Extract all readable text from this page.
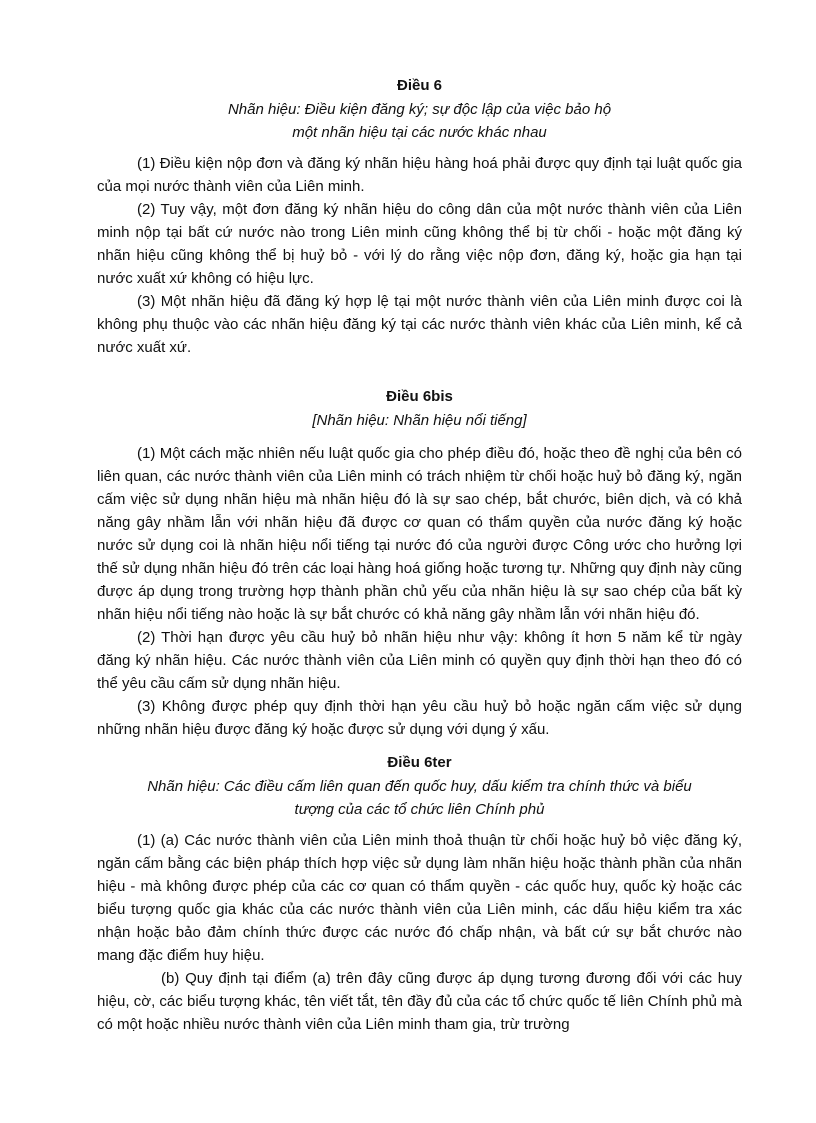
Điều 6

Nhãn hiệu: Điều kiện đăng ký; sự độc lập của việc bảo hộ

một nhãn hiệu tại các nước khác nhau

(1) Điều kiện nộp đơn và đăng ký nhãn hiệu hàng hoá phải được quy định tại luật quốc gia của mọi nước thành viên của Liên minh.

(2) Tuy vậy, một đơn đăng ký nhãn hiệu do công dân của một nước thành viên của Liên minh nộp tại bất cứ nước nào trong Liên minh cũng không thể bị từ chối - hoặc một đăng ký nhãn hiệu cũng không thể bị huỷ bỏ - với lý do rằng việc nộp đơn, đăng ký, hoặc gia hạn tại nước xuất xứ không có hiệu lực.

(3) Một nhãn hiệu đã đăng ký hợp lệ tại một nước thành viên của Liên minh được coi là không phụ thuộc vào các nhãn hiệu đăng ký tại các nước thành viên khác của Liên minh, kể cả nước xuất xứ.

Điều 6bis

[Nhãn hiệu: Nhãn hiệu nổi tiếng]

(1) Một cách mặc nhiên nếu luật quốc gia cho phép điều đó, hoặc theo đề nghị của bên có liên quan, các nước thành viên của Liên minh có trách nhiệm từ chối hoặc huỷ bỏ đăng ký, ngăn cấm việc sử dụng nhãn hiệu mà nhãn hiệu đó là sự sao chép, bắt chước, biên dịch, và có khả năng gây nhầm lẫn với nhãn hiệu đã được cơ quan có thẩm quyền của nước đăng ký hoặc nước sử dụng coi là nhãn hiệu nổi tiếng tại nước đó của người được Công ước cho hưởng lợi thế sử dụng nhãn hiệu đó trên các loại hàng hoá giống hoặc tương tự. Những quy định này cũng được áp dụng trong trường hợp thành phần chủ yếu của nhãn hiệu là sự sao chép của bất kỳ nhãn hiệu nổi tiếng nào hoặc là sự bắt chước có khả năng gây nhầm lẫn với nhãn hiệu đó.

(2) Thời hạn được yêu cầu huỷ bỏ nhãn hiệu như vậy: không ít hơn 5 năm kể từ ngày đăng ký nhãn hiệu. Các nước thành viên của Liên minh có quyền quy định thời hạn theo đó có thể yêu cầu cấm sử dụng nhãn hiệu.

(3) Không được phép quy định thời hạn yêu cầu huỷ bỏ hoặc ngăn cấm việc sử dụng những nhãn hiệu được đăng ký hoặc được sử dụng với dụng ý xấu.

Điều 6ter

Nhãn hiệu: Các điều cấm liên quan đến quốc huy, dấu kiểm tra chính thức và biểu

tượng của các tổ chức liên Chính phủ

(1) (a) Các nước thành viên của Liên minh thoả thuận từ chối hoặc huỷ bỏ việc đăng ký, ngăn cấm bằng các biện pháp thích hợp việc sử dụng làm nhãn hiệu hoặc thành phần của nhãn hiệu - mà không được phép của các cơ quan có thẩm quyền - các quốc huy, quốc kỳ hoặc các biểu tượng quốc gia khác của các nước thành viên của Liên minh, các dấu hiệu kiểm tra xác nhận hoặc bảo đảm chính thức được các nước đó chấp nhận, và bất cứ sự bắt chước nào mang đặc điểm huy hiệu.

(b) Quy định tại điểm (a) trên đây cũng được áp dụng tương đương đối với các huy hiệu, cờ, các biểu tượng khác, tên viết tắt, tên đầy đủ của các tổ chức quốc tế liên Chính phủ mà có một hoặc nhiều nước thành viên của Liên minh tham gia, trừ trường
